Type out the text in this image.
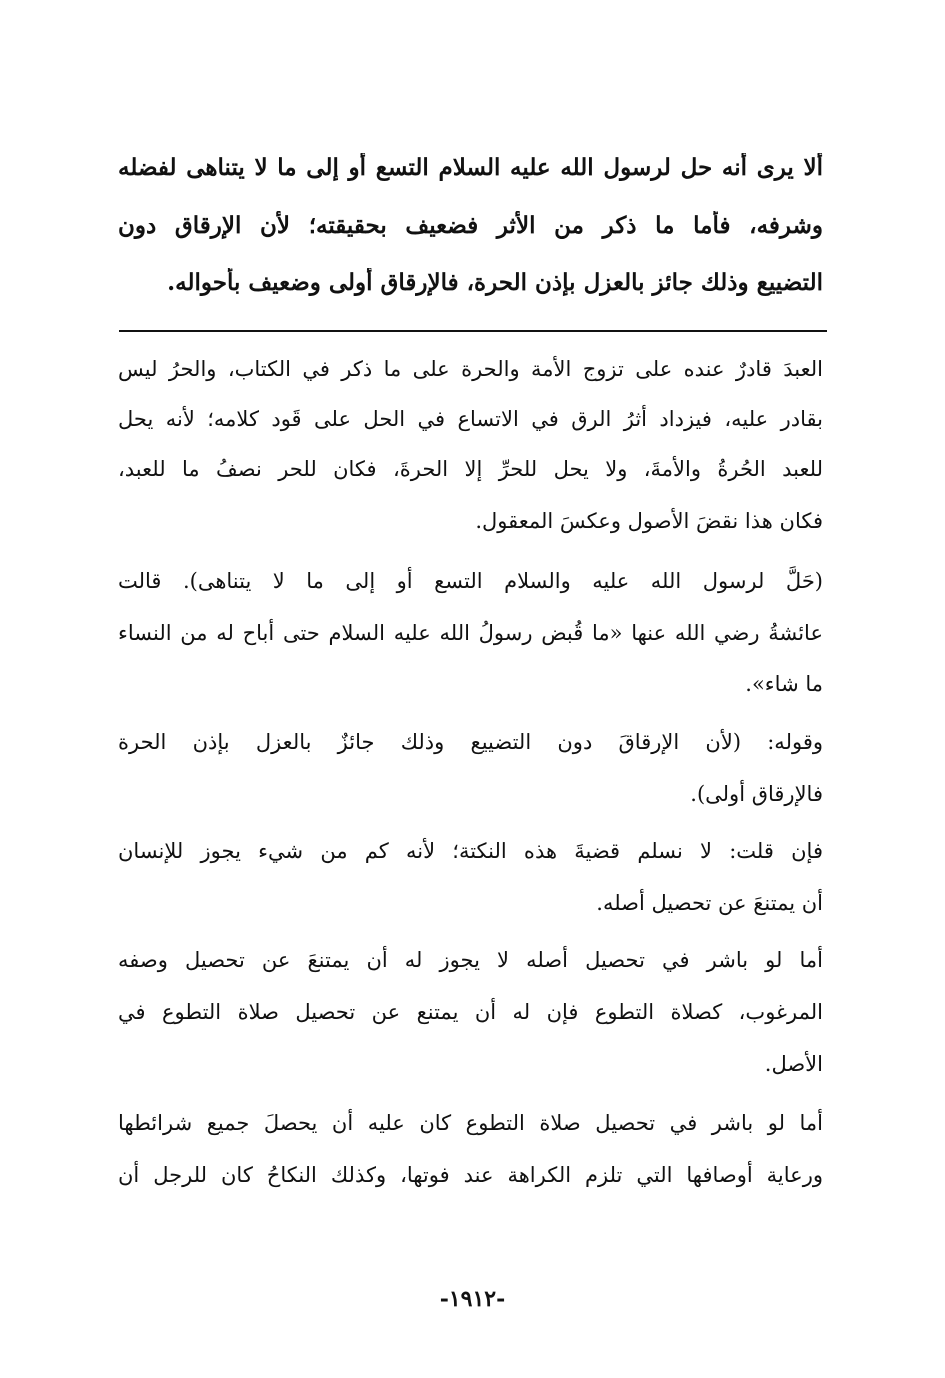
ألا يرى أنه حل لرسول الله عليه السلام التسع أو إلى ما لا يتناهى لفضله
وشرفه، فأما ما ذكر من الأثر فضعيف بحقيقته؛ لأن الإرقاق دون
التضييع وذلك جائز بالعزل بإذن الحرة، فالإرقاق أولى وضعيف بأحواله.
العبدَ قادرٌ عنده على تزوج الأمة والحرة على ما ذكر في الكتاب، والحرُ ليس
بقادر عليه، فيزداد أثرُ الرق في الاتساع في الحل على قَود كلامه؛ لأنه يحل
للعبد الحُرةُ والأمةَ، ولا يحل للحرِّ إلا الحرةَ، فكان للحر نصفُ ما للعبد،
فكان هذا نقضَ الأصول وعكسَ المعقول.
(حَلَّ لرسول الله عليه والسلام التسع أو إلى ما لا يتناهى). قالت
عائشةُ رضي الله عنها «ما قُبض رسولُ الله عليه السلام حتى أباح له من النساء
ما شاء».
وقوله: (لأن الإرقاقَ دون التضييع وذلك جائزٌ بالعزل بإذن الحرة
فالإرقاق أولى).
فإن قلت: لا نسلم قضيةَ هذه النكتة؛ لأنه كم من شيء يجوز للإنسان
أن يمتنعَ عن تحصيل أصله.
أما لو باشر في تحصيل أصله لا يجوز له أن يمتنعَ عن تحصيل وصفه
المرغوب، كصلاة التطوع فإن له أن يمتنع عن تحصيل صلاة التطوع في
الأصل.
أما لو باشر في تحصيل صلاة التطوع كان عليه أن يحصلَ جميع شرائطها
ورعاية أوصافها التي تلزم الكراهة عند فوتها، وكذلك النكاحُ كان للرجل أن
-١٩١٢-
